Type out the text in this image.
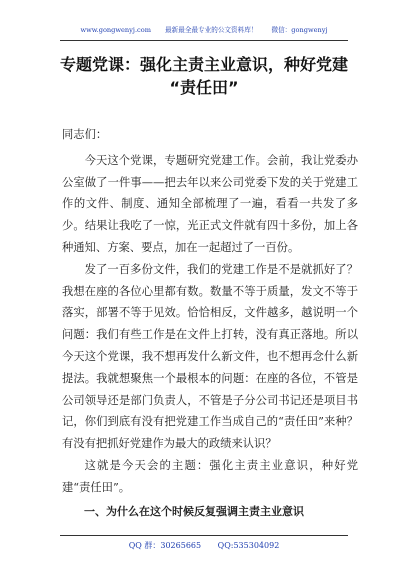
www.gongwenyj.com 最新最全最专业的公文资料库！ 微信：gongwenyj
专题党课：强化主责主业意识，种好党建
“责任田”

同志们：

今天这个党课，专题研究党建工作。会前，我让党委办公室做了一件事——把去年以来公司党委下发的关于党建工作的文件、制度、通知全部梳理了一遍，看看一共发了多少。结果让我吃了一惊，光正式文件就有四十多份，加上各种通知、方案、要点，加在一起超过了一百份。

发了一百多份文件，我们的党建工作是不是就抓好了？我想在座的各位心里都有数。数量不等于质量，发文不等于落实，部署不等于见效。恰恰相反，文件越多，越说明一个问题：我们有些工作是在文件上打转，没有真正落地。所以今天这个党课，我不想再发什么新文件，也不想再念什么新提法。我就想聚焦一个最根本的问题：在座的各位，不管是公司领导还是部门负责人，不管是子分公司书记还是项目书记，你们到底有没有把党建工作当成自己的“责任田”来种？有没有把抓好党建作为最大的政绩来认识？

这就是今天会的主题：强化主责主业意识，种好党建“责任田”。

一、为什么在这个时候反复强调主责主业意识

QQ 群：30265665 QQ:535304092
